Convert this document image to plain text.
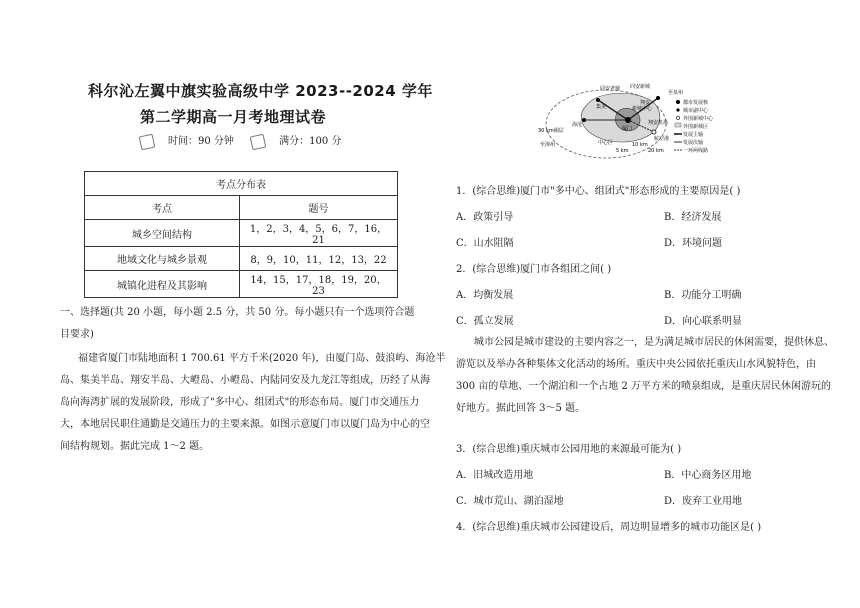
科尔沁左翼中旗实验高级中学 2023--2024 学年
第二学期高一月考地理试卷
时间：90 分钟	满分：100 分
考点分布表	
考点	题号
城乡空间结构	1，2，3，4，5，6，7，16，21
地域文化与城乡景观	8，9，10，11，12，13，22
城镇化进程及其影响	14，15，17，18，19，20，23
一、选择题(共 20 小题，每小题 2.5 分，共 50 分。每小题只有一个选项符合题
目要求)
福建省厦门市陆地面积 1 700.61 平方千米(2020 年)，由厦门岛、鼓浪屿、海沧半
岛、集美半岛、翔安半岛、大嶝岛、小嶝岛、内陆同安及九龙江等组成，历经了从海
岛向海湾扩展的发展阶段，形成了"多中心、组团式"的形态布局。厦门市交通压力
大，本地居民职住通勤是交通压力的主要来源。如图示意厦门市以厦门岛为中心的空
间结构规划。据此完成 1～2 题。
同安新城
同安老城
集美
翔安
新城中心
海沧	翔安机场
厦门
航空港
至漳州	中心区
至泉州
30 km圈层
10 km
20 km
5 km
都市发展核
城市副中心
外围新城中心
外围新城区
发展主轴
发展次轴
一环两线路
1．(综合思维)厦门市"多中心、组团式"形态形成的主要原因是( )
A．政策引导	B．经济发展
C．山水阻隔	D．环境问题
2．(综合思维)厦门市各组团之间( )
A．均衡发展	B．功能分工明确
C．孤立发展	D．向心联系明显
城市公园是城市建设的主要内容之一，是为满足城市居民的休闲需要，提供休息、
游览以及举办各种集体文化活动的场所。重庆中央公园依托重庆山水风貌特色，由
300 亩的草地、一个湖泊和一个占地 2 万平方米的喷泉组成，是重庆居民休闲游玩的
好地方。据此回答 3～5 题。
3．(综合思维)重庆城市公园用地的来源最可能为( )
A．旧城改造用地	B．中心商务区用地
C．城市荒山、湖泊湿地	D．废弃工业用地
4．(综合思维)重庆城市公园建设后，周边明显增多的城市功能区是( )
